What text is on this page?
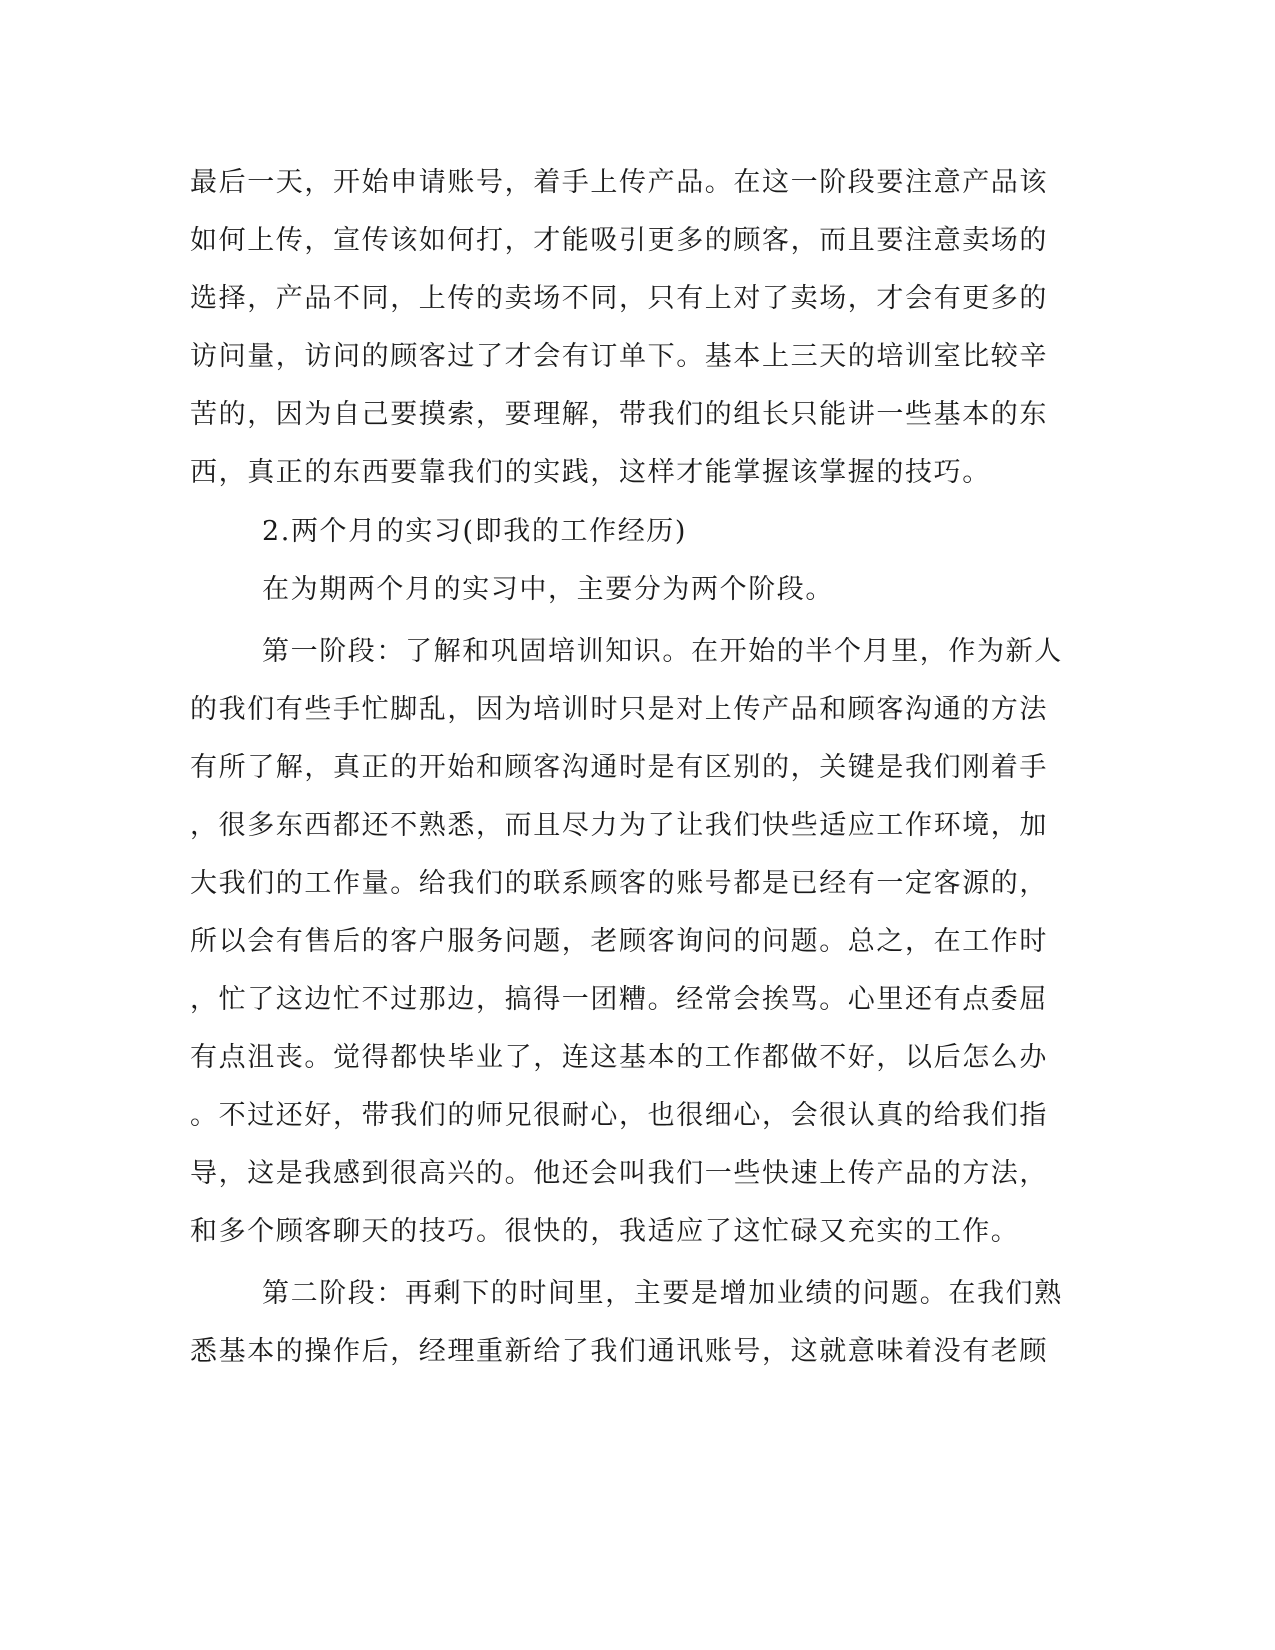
最后一天，开始申请账号，着手上传产品。在这一阶段要注意产品该
如何上传，宣传该如何打，才能吸引更多的顾客，而且要注意卖场的
选择，产品不同，上传的卖场不同，只有上对了卖场，才会有更多的
访问量，访问的顾客过了才会有订单下。基本上三天的培训室比较辛
苦的，因为自己要摸索，要理解，带我们的组长只能讲一些基本的东
西，真正的东西要靠我们的实践，这样才能掌握该掌握的技巧。
2.两个月的实习(即我的工作经历)
在为期两个月的实习中，主要分为两个阶段。
第一阶段：了解和巩固培训知识。在开始的半个月里，作为新人
的我们有些手忙脚乱，因为培训时只是对上传产品和顾客沟通的方法
有所了解，真正的开始和顾客沟通时是有区别的，关键是我们刚着手
，很多东西都还不熟悉，而且尽力为了让我们快些适应工作环境，加
大我们的工作量。给我们的联系顾客的账号都是已经有一定客源的，
所以会有售后的客户服务问题，老顾客询问的问题。总之，在工作时
，忙了这边忙不过那边，搞得一团糟。经常会挨骂。心里还有点委屈
有点沮丧。觉得都快毕业了，连这基本的工作都做不好，以后怎么办
。不过还好，带我们的师兄很耐心，也很细心，会很认真的给我们指
导，这是我感到很高兴的。他还会叫我们一些快速上传产品的方法，
和多个顾客聊天的技巧。很快的，我适应了这忙碌又充实的工作。
第二阶段：再剩下的时间里，主要是增加业绩的问题。在我们熟
悉基本的操作后，经理重新给了我们通讯账号，这就意味着没有老顾
